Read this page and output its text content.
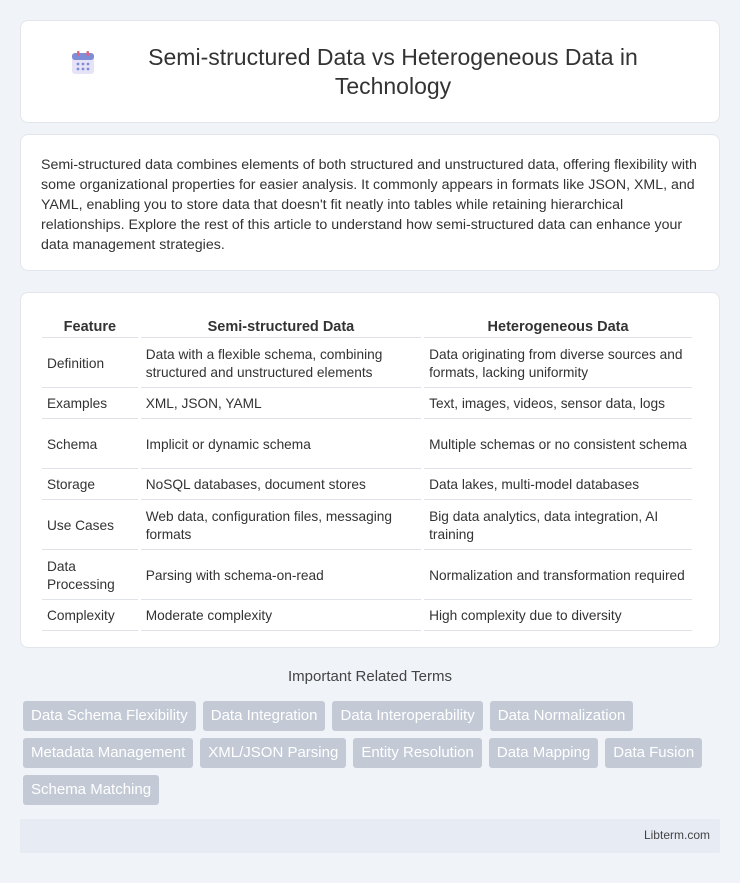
Semi-structured Data vs Heterogeneous Data in Technology

Semi-structured data combines elements of both structured and unstructured data, offering flexibility with some organizational properties for easier analysis. It commonly appears in formats like JSON, XML, and YAML, enabling you to store data that doesn't fit neatly into tables while retaining hierarchical relationships. Explore the rest of this article to understand how semi-structured data can enhance your data management strategies.

Feature	Semi-structured Data	Heterogeneous Data
Definition	Data with a flexible schema, combining structured and unstructured elements	Data originating from diverse sources and formats, lacking uniformity
Examples	XML, JSON, YAML	Text, images, videos, sensor data, logs
Schema	Implicit or dynamic schema	Multiple schemas or no consistent schema
Storage	NoSQL databases, document stores	Data lakes, multi-model databases
Use Cases	Web data, configuration files, messaging formats	Big data analytics, data integration, AI training
Data Processing	Parsing with schema-on-read	Normalization and transformation required
Complexity	Moderate complexity	High complexity due to diversity
Important Related Terms
Data Schema Flexibility	Data Integration	Data Interoperability	Data Normalization
Metadata Management	XML/JSON Parsing	Entity Resolution	Data Mapping	Data Fusion
Schema Matching
Libterm.com
